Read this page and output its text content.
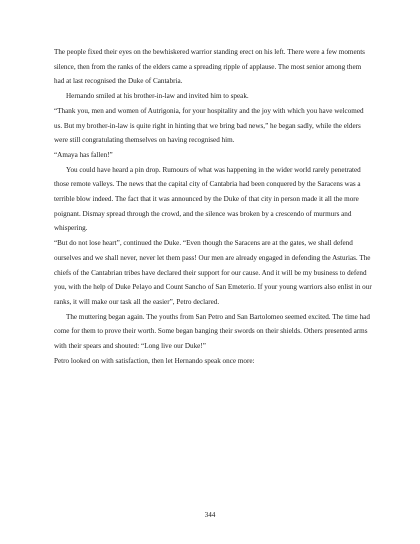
The people fixed their eyes on the bewhiskered warrior standing erect on his left. There were a few moments silence, then from the ranks of the elders came a spreading ripple of applause. The most senior among them had at last recognised the Duke of Cantabria.

Hernando smiled at his brother-in-law and invited him to speak.

“Thank you, men and women of Autrigonia, for your hospitality and the joy with which you have welcomed us. But my brother-in-law is quite right in hinting that we bring bad news,” he began sadly, while the elders were still congratulating themselves on having recognised him.

“Amaya has fallen!”

You could have heard a pin drop. Rumours of what was happening in the wider world rarely penetrated those remote valleys. The news that the capital city of Cantabria had been conquered by the Saracens was a terrible blow indeed. The fact that it was announced by the Duke of that city in person made it all the more poignant. Dismay spread through the crowd, and the silence was broken by a crescendo of murmurs and whispering.

“But do not lose heart”, continued the Duke. “Even though the Saracens are at the gates, we shall defend ourselves and we shall never, never let them pass! Our men are already engaged in defending the Asturias. The chiefs of the Cantabrian tribes have declared their support for our cause. And it will be my business to defend you, with the help of Duke Pelayo and Count Sancho of San Emeterio. If your young warriors also enlist in our ranks, it will make our task all the easier”, Petro declared.

The muttering began again. The youths from San Petro and San Bartolomeo seemed excited. The time had come for them to prove their worth. Some began banging their swords on their shields. Others presented arms with their spears and shouted: “Long live our Duke!”

Petro looked on with satisfaction, then let Hernando speak once more:

344
